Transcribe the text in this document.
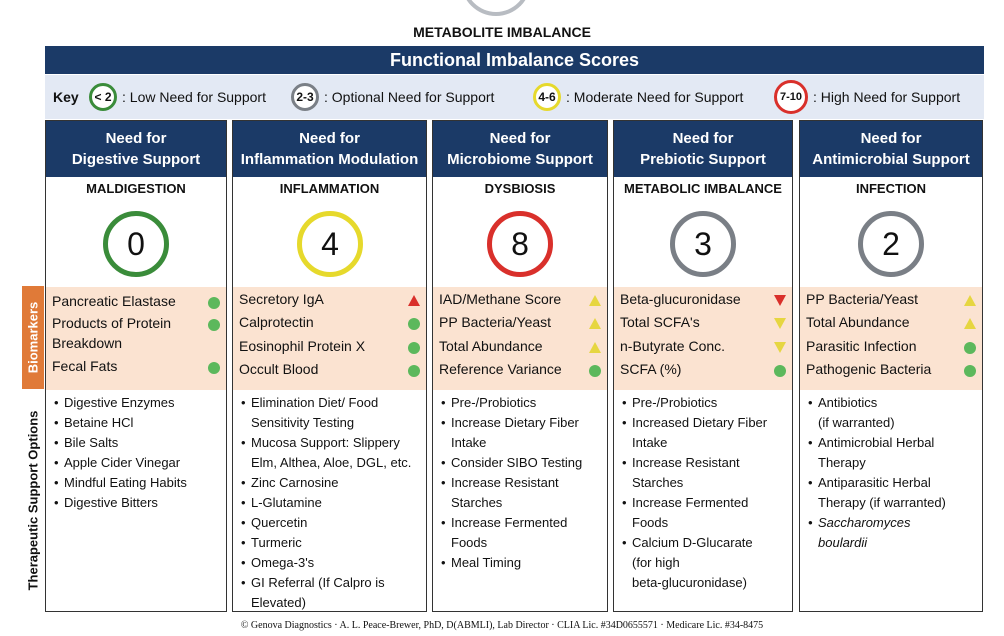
METABOLITE IMBALANCE
Functional Imbalance Scores
Key	< 2 : Low Need for Support	2-3 : Optional Need for Support	4-6 : Moderate Need for Support	7-10 : High Need for Support
Biomarkers
Therapeutic Support Options
Need for
Digestive Support
MALDIGESTION
0
Pancreatic Elastase
Products of Protein
Breakdown
Fecal Fats
• Digestive Enzymes
• Betaine HCl
• Bile Salts
• Apple Cider Vinegar
• Mindful Eating Habits
• Digestive Bitters
Need for
Inflammation Modulation
INFLAMMATION
4
Secretory IgA
Calprotectin
Eosinophil Protein X
Occult Blood
• Elimination Diet/ Food
Sensitivity Testing
• Mucosa Support: Slippery
Elm, Althea, Aloe, DGL, etc.
• Zinc Carnosine
• L-Glutamine
• Quercetin
• Turmeric
• Omega-3's
• GI Referral (If Calpro is
Elevated)
Need for
Microbiome Support
DYSBIOSIS
8
IAD/Methane Score
PP Bacteria/Yeast
Total Abundance
Reference Variance
• Pre-/Probiotics
• Increase Dietary Fiber
Intake
• Consider SIBO Testing
• Increase Resistant
Starches
• Increase Fermented
Foods
• Meal Timing
Need for
Prebiotic Support
METABOLIC IMBALANCE
3
Beta-glucuronidase
Total SCFA's
n-Butyrate Conc.
SCFA (%)
• Pre-/Probiotics
• Increased Dietary Fiber
Intake
• Increase Resistant
Starches
• Increase Fermented
Foods
• Calcium D-Glucarate
(for high
beta-glucuronidase)
Need for
Antimicrobial Support
INFECTION
2
PP Bacteria/Yeast
Total Abundance
Parasitic Infection
Pathogenic Bacteria
• Antibiotics
(if warranted)
• Antimicrobial Herbal
Therapy
• Antiparasitic Herbal
Therapy (if warranted)
• Saccharomyces
boulardii
© Genova Diagnostics · A. L. Peace-Brewer, PhD, D(ABMLI), Lab Director · CLIA Lic. #34D0655571 · Medicare Lic. #34-8475
